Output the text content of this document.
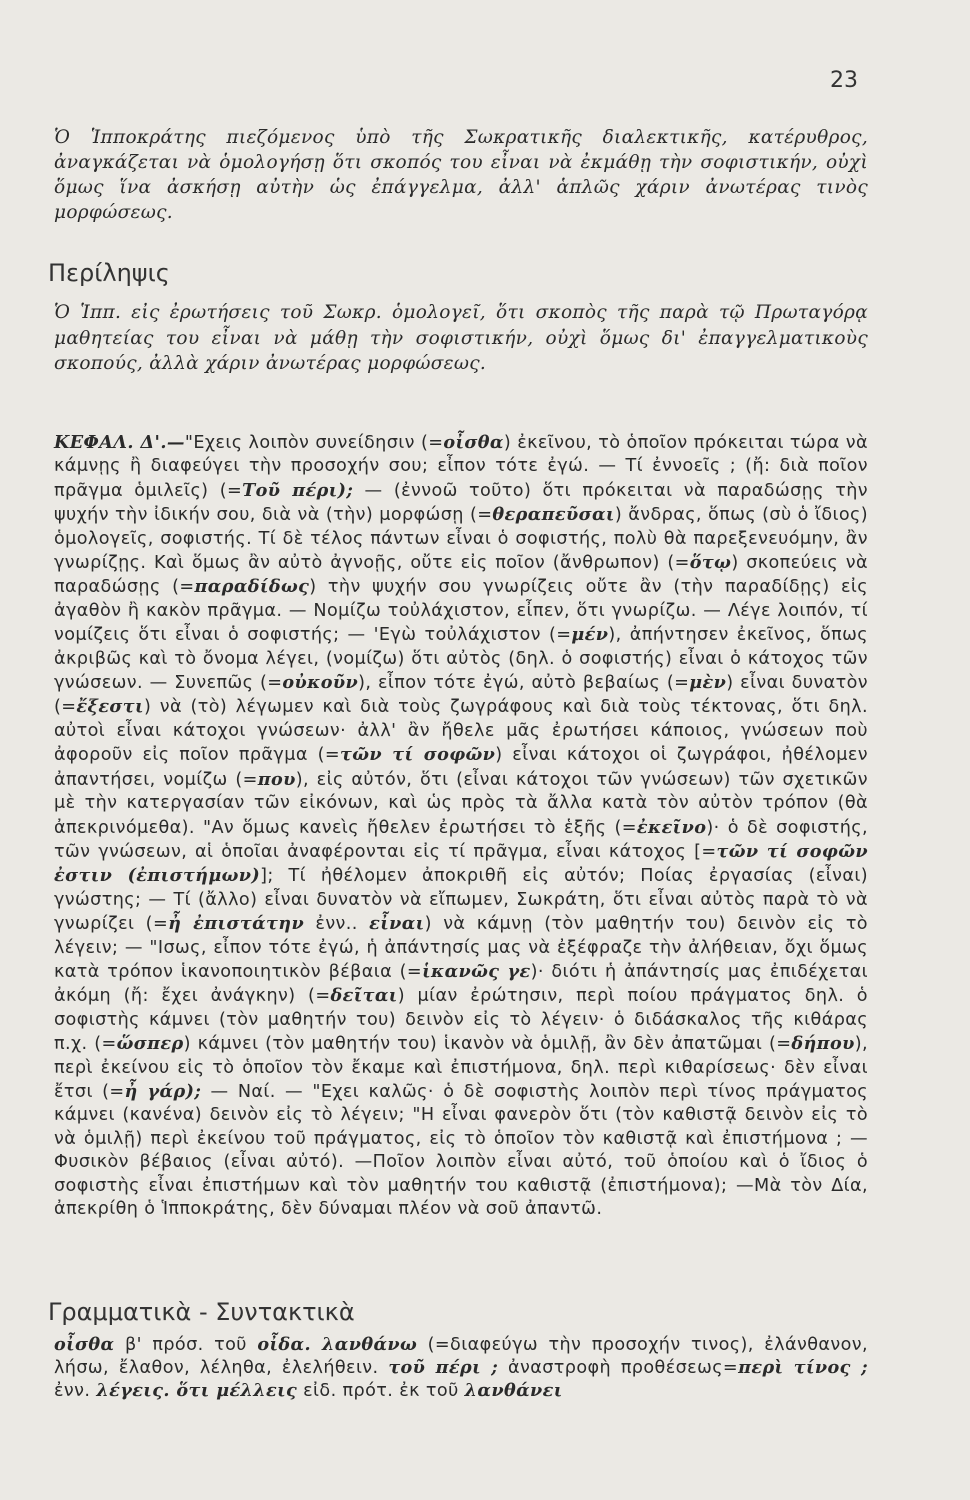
23

Ὁ Ἱπποκράτης πιεζόμενος ὑπὸ τῆς Σωκρατικῆς διαλεκτικῆς, κατέρυθρος, ἀναγκάζεται νὰ ὁμολογήσῃ ὅτι σκοπός του εἶναι νὰ ἐκμάθῃ τὴν σοφιστικήν, οὐχὶ ὅμως ἵνα ἀσκήσῃ αὐτὴν ὡς ἐπάγγελμα, ἀλλ' ἁπλῶς χάριν ἀνωτέρας τινὸς μορφώσεως.

Περίληψις

Ὁ Ἱππ. εἰς ἐρωτήσεις τοῦ Σωκρ. ὁμολογεῖ, ὅτι σκοπὸς τῆς παρὰ τῷ Πρωταγόρᾳ μαθητείας του εἶναι νὰ μάθῃ τὴν σοφιστικήν, οὐχὶ ὅμως δι' ἐπαγγελματικοὺς σκοπούς, ἀλλὰ χάριν ἀνωτέρας μορφώσεως.

ΚΕΦΑΛ. Δ'.—"Εχεις λοιπὸν συνείδησιν (=οἶσθα) ἐκεῖνου, τὸ ὁποῖον πρόκειται τώρα νὰ κάμνῃς ἢ διαφεύγει τὴν προσοχήν σου; εἶπον τότε ἐγώ. — Τί ἐννοεῖς ; (ἤ: διὰ ποῖον πρᾶγμα ὁμιλεῖς) (=Τοῦ πέρι); — (ἐννοῶ τοῦτο) ὅτι πρόκειται νὰ παραδώσῃς τὴν ψυχήν τὴν ἰδικήν σου, διὰ νὰ (τὴν) μορφώσῃ (=θεραπεῦσαι) ἄνδρας, ὅπως (σὺ ὁ ἴδιος) ὁμολογεῖς, σοφιστής. Τί δὲ τέλος πάντων εἶναι ὁ σοφιστής, πολὺ θὰ παρεξενευόμην, ἂν γνωρίζῃς. Καὶ ὅμως ἂν αὐτὸ ἀγνοῇς, οὔτε εἰς ποῖον (ἄνθρωπον) (=ὅτῳ) σκοπεύεις νὰ παραδώσῃς (=παραδίδως) τὴν ψυχήν σου γνωρίζεις οὔτε ἂν (τὴν παραδίδῃς) εἰς ἀγαθὸν ἢ κακὸν πρᾶγμα. — Νομίζω τοὐλάχιστον, εἶπεν, ὅτι γνωρίζω. — Λέγε λοιπόν, τί νομίζεις ὅτι εἶναι ὁ σοφιστής; — 'Εγὼ τοὐλάχιστον (=μέν), ἀπήντησεν ἐκεῖνος, ὅπως ἀκριβῶς καὶ τὸ ὄνομα λέγει, (νομίζω) ὅτι αὐτὸς (δηλ. ὁ σοφιστής) εἶναι ὁ κάτοχος τῶν γνώσεων. — Συνεπῶς (=οὐκοῦν), εἶπον τότε ἐγώ, αὐτὸ βεβαίως (=μὲν) εἶναι δυνατὸν (=ἔξεστι) νὰ (τὸ) λέγωμεν καὶ διὰ τοὺς ζωγράφους καὶ διὰ τοὺς τέκτονας, ὅτι δηλ. αὐτοὶ εἶναι κάτοχοι γνώσεων· ἀλλ' ἂν ἤθελε μᾶς ἐρωτήσει κάποιος, γνώσεων ποὺ ἀφοροῦν εἰς ποῖον πρᾶγμα (=τῶν τί σοφῶν) εἶναι κάτοχοι οἱ ζωγράφοι, ἠθέλομεν ἀπαντήσει, νομίζω (=που), εἰς αὐτόν, ὅτι (εἶναι κάτοχοι τῶν γνώσεων) τῶν σχετικῶν μὲ τὴν κατεργασίαν τῶν εἰκόνων, καὶ ὡς πρὸς τὰ ἄλλα κατὰ τὸν αὐτὸν τρόπον (θὰ ἀπεκρινόμεθα). "Αν ὅμως κανεὶς ἤθελεν ἐρωτήσει τὸ ἑξῆς (=ἐκεῖνο)· ὁ δὲ σοφιστής, τῶν γνώσεων, αἱ ὁποῖαι ἀναφέρονται εἰς τί πρᾶγμα, εἶναι κάτοχος [=τῶν τί σοφῶν ἐστιν (ἐπιστήμων)]; Τί ἠθέλομεν ἀποκριθῆ εἰς αὐτόν; Ποίας ἐργασίας (εἶναι) γνώστης; — Τί (ἄλλο) εἶναι δυνατὸν νὰ εἴπωμεν, Σωκράτη, ὅτι εἶναι αὐτὸς παρὰ τὸ νὰ γνωρίζει (=ἦ ἐπιστάτην ἐνν.. εἶναι) νὰ κάμνῃ (τὸν μαθητήν του) δεινὸν εἰς τὸ λέγειν; — "Ισως, εἶπον τότε ἐγώ, ἡ ἀπάντησίς μας νὰ ἐξέφραζε τὴν ἀλήθειαν, ὄχι ὅμως κατὰ τρόπον ἱκανοποιητικὸν βέβαια (=ἱκανῶς γε)· διότι ἡ ἀπάντησίς μας ἐπιδέχεται ἀκόμη (ἤ: ἔχει ἀνάγκην) (=δεῖται) μίαν ἐρώτησιν, περὶ ποίου πράγματος δηλ. ὁ σοφιστὴς κάμνει (τὸν μαθητήν του) δεινὸν εἰς τὸ λέγειν· ὁ διδάσκαλος τῆς κιθάρας π.χ. (=ὥσπερ) κάμνει (τὸν μαθητήν του) ἱκανὸν νὰ ὁμιλῇ, ἂν δὲν ἀπατῶμαι (=δήπου), περὶ ἐκείνου εἰς τὸ ὁποῖον τὸν ἔκαμε καὶ ἐπιστήμονα, δηλ. περὶ κιθαρίσεως· δὲν εἶναι ἔτσι (=ἦ γάρ); — Ναί. — "Εχει καλῶς· ὁ δὲ σοφιστὴς λοιπὸν περὶ τίνος πράγματος κάμνει (κανένα) δεινὸν εἰς τὸ λέγειν; "Η εἶναι φανερὸν ὅτι (τὸν καθιστᾷ δεινὸν εἰς τὸ νὰ ὁμιλῇ) περὶ ἐκείνου τοῦ πράγματος, εἰς τὸ ὁποῖον τὸν καθιστᾷ καὶ ἐπιστήμονα ; —Φυσικὸν βέβαιος (εἶναι αὐτό). —Ποῖον λοιπὸν εἶναι αὐτό, τοῦ ὁποίου καὶ ὁ ἴδιος ὁ σοφιστὴς εἶναι ἐπιστήμων καὶ τὸν μαθητήν του καθιστᾷ (ἐπιστήμονα); —Μὰ τὸν Δία, ἀπεκρίθη ὁ Ἱπποκράτης, δὲν δύναμαι πλέον νὰ σοῦ ἀπαντῶ.

Γραμματικὰ - Συντακτικὰ

οἶσθα β' πρόσ. τοῦ οἶδα. λανθάνω (=διαφεύγω τὴν προσοχήν τινος), ἐλάνθανον, λήσω, ἔλαθον, λέληθα, ἐλελήθειν. τοῦ πέρι ; ἀναστροφὴ προθέσεως=περὶ τίνος ; ἐνν. λέγεις. ὅτι μέλλεις εἰδ. πρότ. ἐκ τοῦ λανθάνει
